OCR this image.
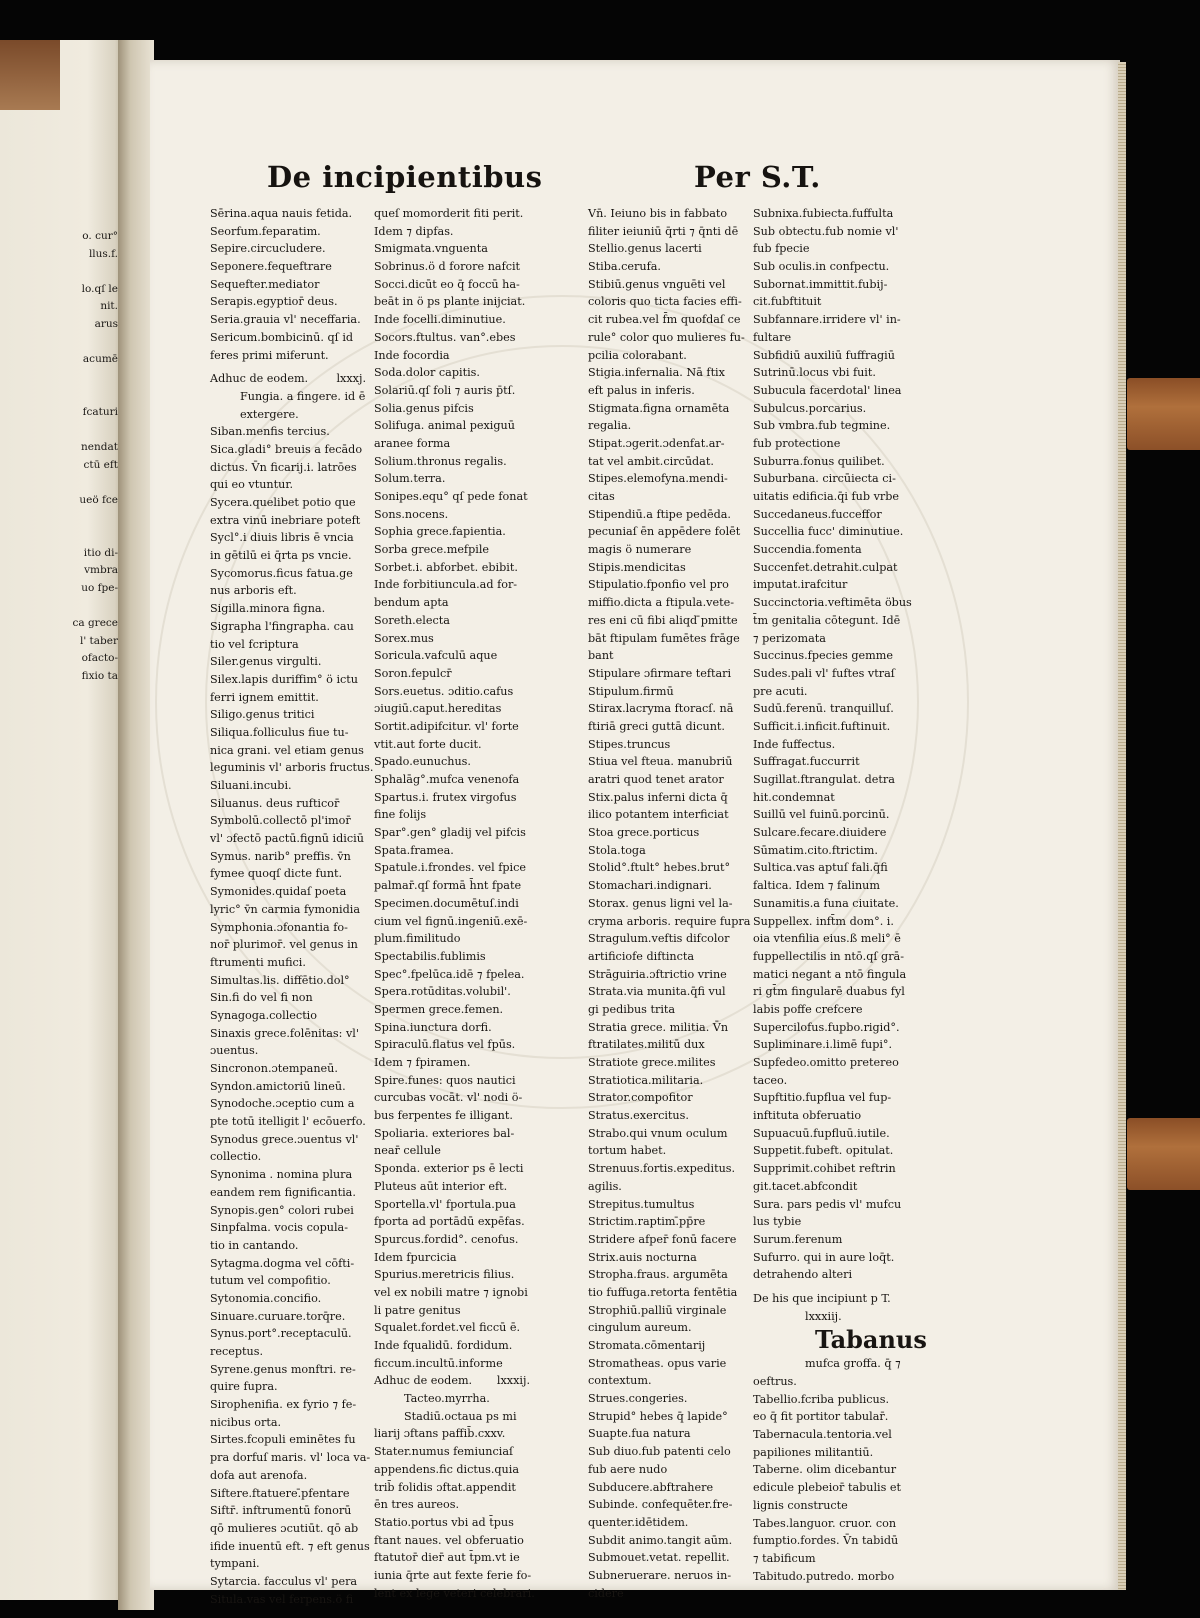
o. cur°
llus.f.
lo.qſ le
nit.
arus
acumē
fcaturi
nendat
ctū eft
ueö fce
itio di-
vmbra
uo fpe-
ca grece
l' taber
ofacto-
fixio ta
De incipientibus	Per S.T.
Sērina.aqua nauis fetida.
Seorfum.feparatim.
Sepire.circucludere.
Seponere.fequeftrare
Sequefter.mediator
Serapis.egyptior̄ deus.
Seria.grauia vl' neceffaria.
Sericum.bombicinū. qſ id
feres primi miferunt.
Adhuc de eodem.	lxxxj.
Fungia. a fingere. id ē
extergere.
Siban.menfis tercius.
Sica.gladi° breuis a fecādo
dictus. V̄n ficarij.i. latrōes
qui eo vtuntur.
Sycera.quelibet potio que
extra vinū inebriare poteft
Sycl°.i diuis libris ē vncia
in gētilū ei q̄rta ps vncie.
Sycomorus.ficus fatua.ge
nus arboris eft.
Sigilla.minora figna.
Sigrapha l'fingrapha. cau
tio vel fcriptura
Siler.genus virgulti.
Silex.lapis duriffim° ö ictu
ferri ignem emittit.
Siligo.genus tritici
Siliqua.folliculus fiue tu-
nica grani. vel etiam genus
leguminis vl' arboris fructus.
Siluani.incubi.
Siluanus. deus rufticor̄
Symbolū.collectō pl'imor̄
vl' ɔfectō pactū.fignū idiciū
Symus. narib° preffis. v̄n
fymee quoqſ dicte funt.
Symonides.quidaſ poeta
lyric° v̄n carmia fymonidia
Symphonia.ɔfonantia fo-
nor̄ plurimor̄. vel genus in
ftrumenti mufici.
Simultas.lis. diffētio.dol°
Sin.fi do vel fi non
Synagoga.collectio
Sinaxis grece.folēnitas: vl'
ɔuentus.
Sincronon.ɔtempaneū.
Syndon.amictoriū lineū.
Synodoche.ɔceptio cum a
pte totū itelligit l' ecōuerfo.
Synodus grece.ɔuentus vl'
collectio.
Synonima . nomina plura
eandem rem fignificantia.
Synopis.gen° colori rubei
Sinpfalma. vocis copula-
tio in cantando.
Sytagma.dogma vel cōfti-
tutum vel compofitio.
Sytonomia.concifio.
Sinuare.curuare.torq̄re.
Synus.port°.receptaculū.
receptus.
Syrene.genus monftri. re-
quire fupra.
Sirophenifia. ex fyrio ⁊ fe-
nicibus orta.
Sirtes.fcopuli eminētes fu
pra dorfuſ maris. vl' loca va-
dofa aut arenofa.
Siftere.ftatuere.̄pfentare
Siftr̄. inftrumentū fonorū
qō mulieres ɔcutiūt. qō ab
ifide inuentū eft. ⁊ eft genus
tympani.
Sytarcia. facculus vl' pera
Situla.vas vel ferpens.ö fi
queſ momorderit fiti perit.
Idem ⁊ dipfas.
Smigmata.vnguenta
Sobrinus.ö d forore nafcit
Socci.dicūt eo q̄ foccū ha-
beāt in ö ps plante inijciat.
Inde focelli.diminutiue.
Socors.ftultus. van°.ebes
Inde focordia
Soda.dolor capitis.
Solariū.qſ foli ⁊ auris p̄tſ.
Solia.genus pifcis
Solifuga. animal pexiguū
aranee forma
Solium.thronus regalis.
Solum.terra.
Sonipes.equ° qſ pede fonat
Sons.nocens.
Sophia grece.fapientia.
Sorba grece.mefpile
Sorbet.i. abforbet. ebibit.
Inde forbitiuncula.ad for-
bendum apta
Soreth.electa
Sorex.mus
Soricula.vafculū aque
Soron.fepulcr̄
Sors.euetus. ɔditio.cafus
ɔiugiū.caput.hereditas
Sortit.adipifcitur. vl' forte
vtit.aut forte ducit.
Spado.eunuchus.
Sphalāg°.mufca venenofa
Spartus.i. frutex virgofus
fine folijs
Spar°.gen° gladij vel pifcis
Spata.framea.
Spatule.i.frondes. vel fpice
palmar̄.qſ formā h̄nt fpate
Specimen.documētuſ.indi
cium vel fignū.ingeniū.exē-
plum.fimilitudo
Spectabilis.fublimis
Spec°.fpelūca.idē ⁊ fpelea.
Spera.rotūditas.volubil'.
Spermen grece.femen.
Spina.iunctura dorfi.
Spiraculū.flatus vel fpūs.
Idem ⁊ fpiramen.
Spire.funes: quos nautici
curcubas vocāt. vl' nodi ö-
bus ferpentes fe illigant.
Spoliaria. exteriores bal-
near̄ cellule
Sponda. exterior ps ē lecti
Pluteus aūt interior eft.
Sportella.vl' fportula.pua
fporta ad portādū expēfas.
Spurcus.fordid°. cenofus.
Idem fpurcicia
Spurius.meretricis filius.
vel ex nobili matre ⁊ ignobi
li patre genitus
Squalet.fordet.vel ficcū ē.
Inde fqualidū. fordidum.
ficcum.incultū.informe
Adhuc de eodem. lxxxij.
Tacteo.myrrha.
Stadiū.octaua ps mi
liarij ɔftans paffib̄.cxxv.
Stater.numus femiunciaſ
appendens.fic dictus.quia
trib̄ folidis ɔftat.appendit
ēn tres aureos.
Statio.portus vbi ad t̄pus
ftant naues. vel obferuatio
ftatutor̄ dier̄ aut t̄pm.vt ie
iunia q̄rte aut fexte ferie fo-
lent ex lege veteri celebrari.
Vn̄. Ieiuno bis in fabbato
filiter ieiuniū q̄rti ⁊ q̄nti dē
Stellio.genus lacerti
Stiba.cerufa.
Stibiū.genus vnguēti vel
coloris quo ticta facies effi-
cit rubea.vel f̄m quofdaſ ce
rule° color quo mulieres fu-
pcilia colorabant.
Stigia.infernalia. Nā ftix
eft palus in inferis.
Stigmata.figna ornamēta
regalia.
Stipat.ɔgerit.ɔdenfat.ar-
tat vel ambit.circūdat.
Stipes.elemofyna.mendi-
citas
Stipendiū.a ftipe pedēda.
pecuniaſ ēn appēdere folēt
magis ö numerare
Stipis.mendicitas
Stipulatio.fponfio vel pro
miffio.dicta a ftipula.vete-
res eni cū fibi aliqd ̄pmitte
bāt ftipulam fumētes frāge
bant
Stipulare ɔfirmare teftari
Stipulum.firmū
Stirax.lacryma ftoracſ. nā
ftiriā greci guttā dicunt.
Stipes.truncus
Stiua vel fteua. manubriū
aratri quod tenet arator
Stix.palus inferni dicta q̄
ilico potantem interficiat
Stoa grece.porticus
Stola.toga
Stolid°.ftult° hebes.brut°
Stomachari.indignari.
Storax. genus ligni vel la-
cryma arboris. require fupra
Stragulum.veftis difcolor
artificiofe diftincta
Strāguiria.ɔftrictio vrine
Strata.via munita.q̄fi vul
gi pedibus trita
Stratia grece. militia. V̄n
ftratilates.militū dux
Stratiote grece.milites
Stratiotica.militaria.
Strator.compofitor
Stratus.exercitus.
Strabo.qui vnum oculum
tortum habet.
Strenuus.fortis.expeditus.
agilis.
Strepitus.tumultus
Strictim.raptim.̄pp̄re
Stridere afper̄ fonū facere
Strix.auis nocturna
Stropha.fraus. argumēta
tio fuffuga.retorta fentētia
Strophiū.palliū virginale
cingulum aureum.
Stromata.cōmentarij
Stromatheas. opus varie
contextum.
Strues.congeries.
Strupid° hebes q̄ lapide°
Suapte.fua natura
Sub diuo.fub patenti celo
fub aere nudo
Subducere.abftrahere
Subinde. confequēter.fre-
quenter.idētidem.
Subdit animo.tangit aūm.
Submouet.vetat. repellit.
Subneruerare. neruos in-
cidere
Subnixa.fubiecta.fuffulta
Sub obtectu.fub nomie vl'
fub fpecie
Sub oculis.in confpectu.
Subornat.immittit.fubij-
cit.fubftituit
Subfannare.irridere vl' in-
fultare
Subfidiū auxiliū fuffragiū
Sutrinū.locus vbi fuit.
Subucula facerdotal' linea
Subulcus.porcarius.
Sub vmbra.fub tegmine.
fub protectione
Suburra.fonus quilibet.
Suburbana. circūiecta ci-
uitatis edificia.q̄i fub vrbe
Succedaneus.fucceffor
Succellia fucc' diminutiue.
Succendia.fomenta
Succenfet.detrahit.culpat
imputat.irafcitur
Succinctoria.veftimēta öbus
t̄m genitalia cōtegunt. Idē
⁊ perizomata
Succinus.fpecies gemme
Sudes.pali vl' fuftes vtraſ
pre acuti.
Sudū.ferenū. tranquilluſ.
Sufficit.i.inficit.fuftinuit.
Inde fuffectus.
Suffragat.fuccurrit
Sugillat.ftrangulat. detra
hit.condemnat
Suillū vel fuinū.porcinū.
Sulcare.fecare.diuidere
Sūmatim.cito.ftrictim.
Sultica.vas aptuſ fali.q̄fi
faltica. Idem ⁊ falinum
Sunamitis.a funa ciuitate.
Suppellex. inft̄m dom°. i.
oia vtenfilia eius.ß meli° ē
fuppellectilis in ntō.qſ grā-
matici negant a ntō fingula
ri gt̄m fingularē duabus fyl
labis poffe crefcere
Supercilofus.fupbo.rigid°.
Supliminare.i.limē fupi°.
Supfedeo.omitto pretereo
taceo.
Supftitio.fupflua vel fup-
inftituta obferuatio
Supuacuū.fupfluū.iutile.
Suppetit.fubeft. opitulat.
Supprimit.cohibet reftrin
git.tacet.abfcondit
Sura. pars pedis vl' mufcu
lus tybie
Surum.ferenum
Sufurro. qui in aure loq̄t.
detrahendo alteri
De his que incipiunt p T.
lxxxiij.
Tabanus
mufca groffa. q̄ ⁊
oeftrus.
Tabellio.fcriba publicus.
eo q̄ fit portitor tabular̄.
Tabernacula.tentoria.vel
papiliones militantiū.
Taberne. olim dicebantur
edicule plebeior̄ tabulis et
lignis constructe
Tabes.languor. cruor. con
fumptio.fordes. V̄n tabidū
⁊ tabificum
Tabitudo.putredo. morbo
